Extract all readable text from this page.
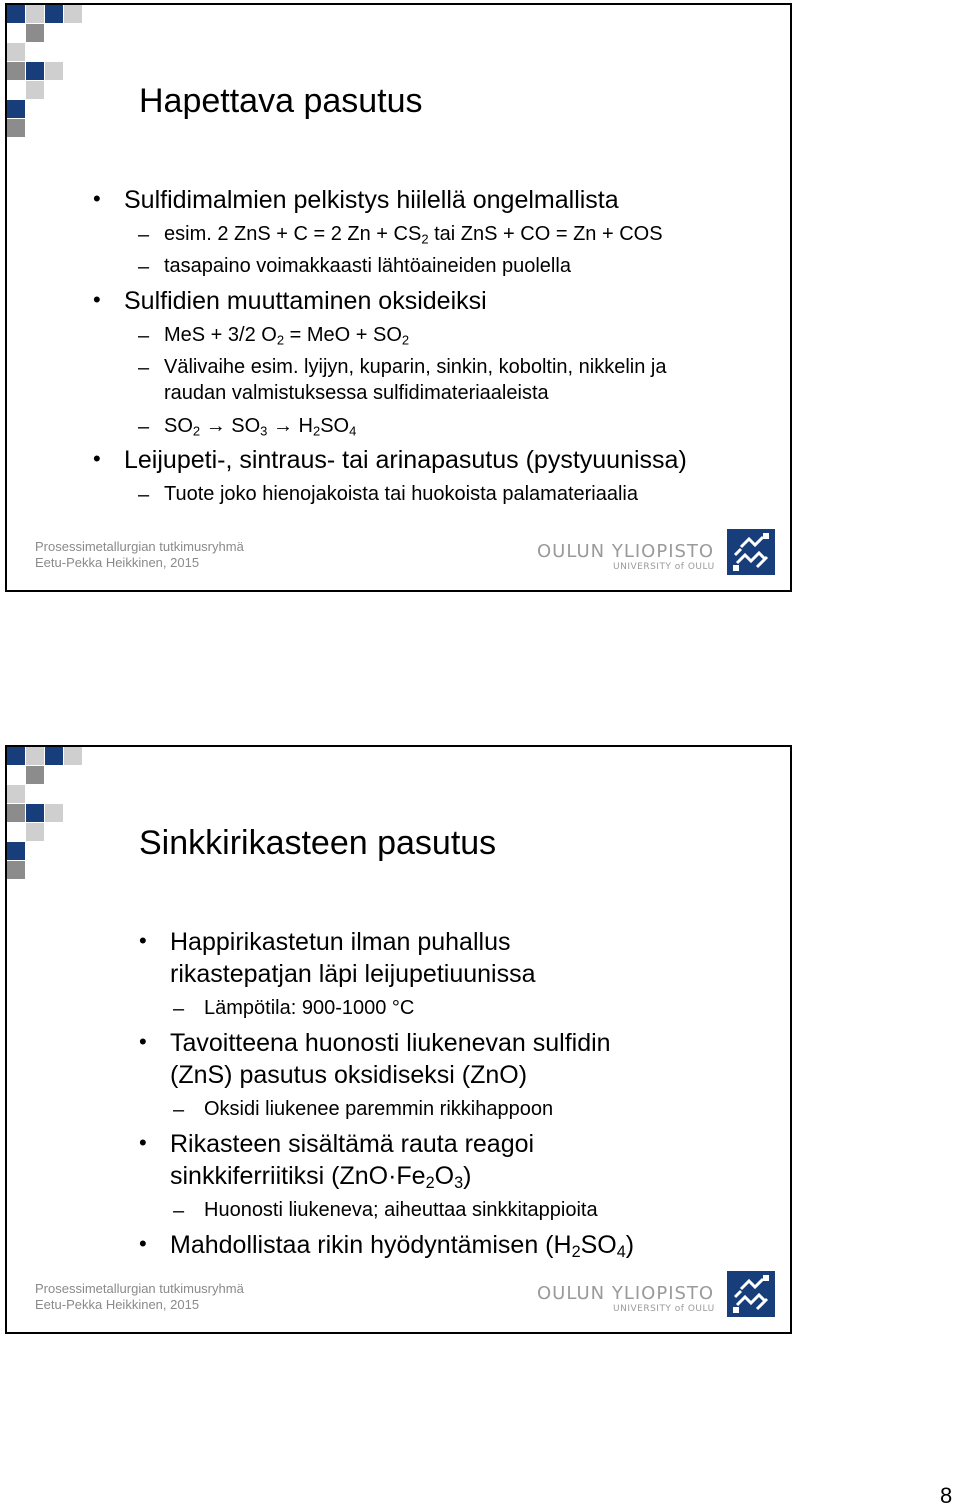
Hapettava pasutus
• Sulfidimalmien pelkistys hiilellä ongelmallista
– esim. 2 ZnS + C = 2 $Zn + CS_2$ tai ZnS + CO = Zn + COS
– tasapaino voimakkaasti lähtöaineiden puolella
• Sulfidien muuttaminen oksideiksi
– MeS + 3/2 $O_2$ = MeO + $SO_2$
– Välivaihe esim. lyijyn, kuparin, sinkin, koboltin, nikkelin ja
raudan valmistuksessa sulfidimateriaaleista
– $SO_2 \to SO_3 \to H_2SO_4$
• Leijupeti-, sintraus- tai arinapasutus (pystyuunissa)
– Tuote joko hienojakoista tai huokoista palamateriaalia
Prosessimetallurgian tutkimusryhmä
Eetu-Pekka Heikkinen, 2015
OULUN YLIOPISTO
UNIVERSITY of OULU
Sinkkirikasteen pasutus
• Happirikastetun ilman puhallus
rikastepatjan läpi leijupetiuunissa
– Lämpötila: 900-1000 °C
• Tavoitteena huonosti liukenevan sulfidin
(ZnS) pasutus oksidiseksi (ZnO)
– Oksidi liukenee paremmin rikkihappoon
• Rikasteen sisältämä rauta reagoi
sinkkiferriitiksi $(ZnO\cdot Fe_2O_3)$
– Huonosti liukeneva; aiheuttaa sinkkitappioita
• Mahdollistaa rikin hyödyntämisen $(H_2SO_4)$
Prosessimetallurgian tutkimusryhmä
Eetu-Pekka Heikkinen, 2015
OULUN YLIOPISTO
UNIVERSITY of OULU
8
